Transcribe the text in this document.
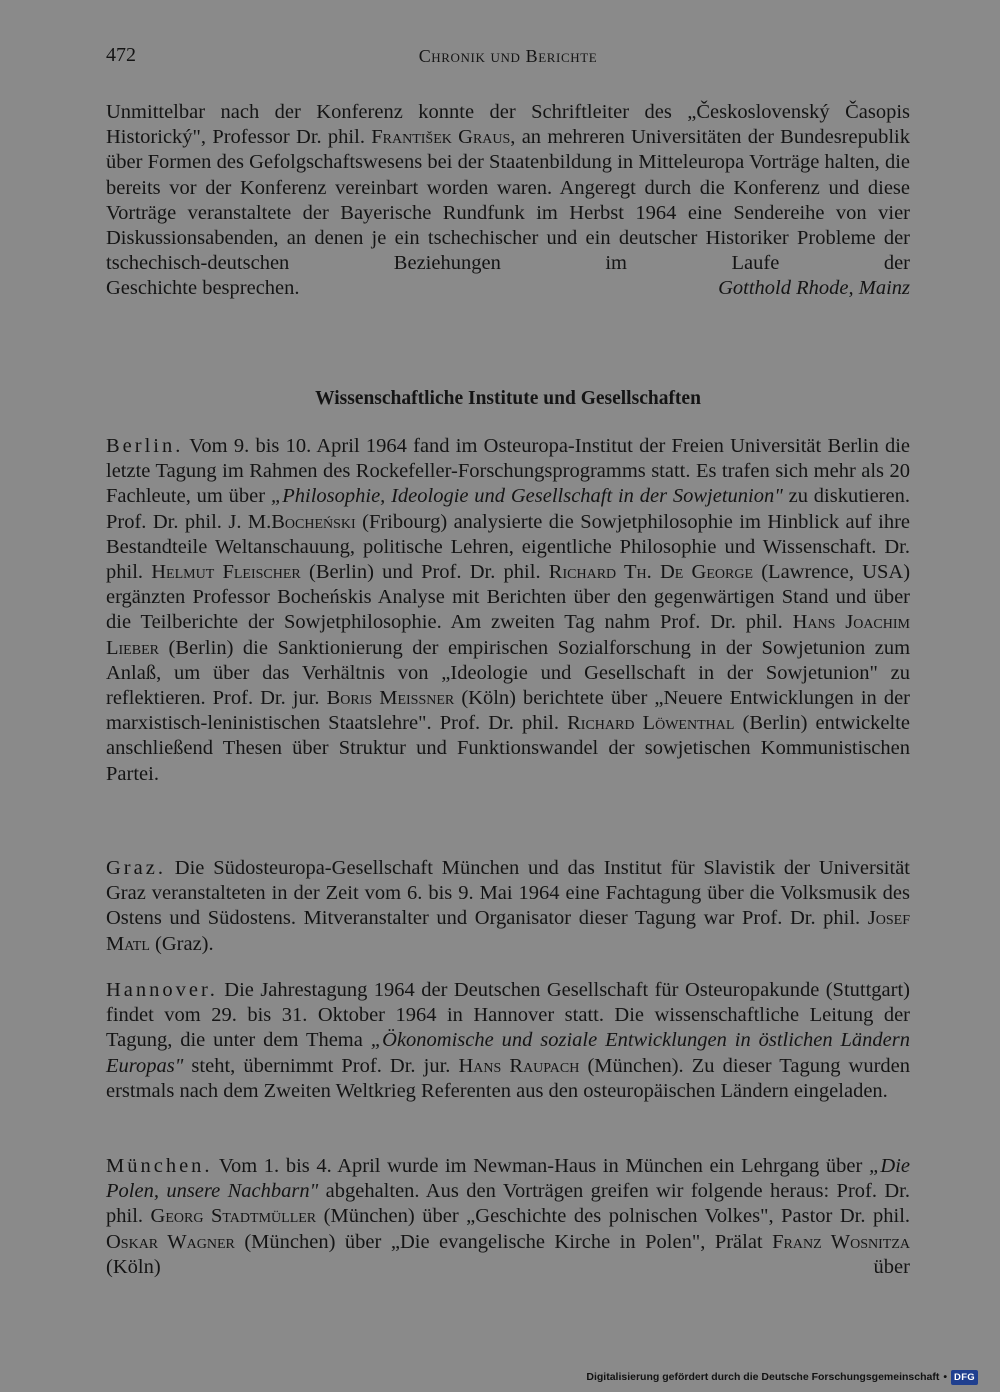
472	Chronik und Berichte
Unmittelbar nach der Konferenz konnte der Schriftleiter des „Československý Časopis Historický", Professor Dr. phil. František Graus, an mehreren Universitäten der Bundesrepublik über Formen des Gefolgschaftswesens bei der Staatenbildung in Mitteleuropa Vorträge halten, die bereits vor der Konferenz vereinbart worden waren. Angeregt durch die Konferenz und diese Vorträge veranstaltete der Bayerische Rundfunk im Herbst 1964 eine Sendereihe von vier Diskussionsabenden, an denen je ein tschechischer und ein deutscher Historiker Probleme der tschechisch-deutschen Beziehungen im Laufe der
Geschichte besprechen.	Gotthold Rhode, Mainz
Wissenschaftliche Institute und Gesellschaften
Berlin. Vom 9. bis 10. April 1964 fand im Osteuropa-Institut der Freien Universität Berlin die letzte Tagung im Rahmen des Rockefeller-Forschungsprogramms statt. Es trafen sich mehr als 20 Fachleute, um über „Philosophie, Ideologie und Gesellschaft in der Sowjetunion" zu diskutieren. Prof. Dr. phil. J. M.Bocheński (Fribourg) analysierte die Sowjetphilosophie im Hinblick auf ihre Bestandteile Weltanschauung, politische Lehren, eigentliche Philosophie und Wissenschaft. Dr. phil. Helmut Fleischer (Berlin) und Prof. Dr. phil. Richard Th. De George (Lawrence, USA) ergänzten Professor Bocheńskis Analyse mit Berichten über den gegenwärtigen Stand und über die Teilberichte der Sowjetphilosophie. Am zweiten Tag nahm Prof. Dr. phil. Hans Joachim Lieber (Berlin) die Sanktionierung der empirischen Sozialforschung in der Sowjetunion zum Anlaß, um über das Verhältnis von „Ideologie und Gesellschaft in der Sowjetunion" zu reflektieren. Prof. Dr. jur. Boris Meissner (Köln) berichtete über „Neuere Entwicklungen in der marxistisch-leninistischen Staatslehre". Prof. Dr. phil. Richard Löwenthal (Berlin) entwickelte anschließend Thesen über Struktur und Funktionswandel der sowjetischen Kommunistischen Partei.
Graz. Die Südosteuropa-Gesellschaft München und das Institut für Slavistik der Universität Graz veranstalteten in der Zeit vom 6. bis 9. Mai 1964 eine Fachtagung über die Volksmusik des Ostens und Südostens. Mitveranstalter und Organisator dieser Tagung war Prof. Dr. phil. Josef Matl (Graz).
Hannover. Die Jahrestagung 1964 der Deutschen Gesellschaft für Osteuropakunde (Stuttgart) findet vom 29. bis 31. Oktober 1964 in Hannover statt. Die wissenschaftliche Leitung der Tagung, die unter dem Thema „Ökonomische und soziale Entwicklungen in östlichen Ländern Europas" steht, übernimmt Prof. Dr. jur. Hans Raupach (München). Zu dieser Tagung wurden erstmals nach dem Zweiten Weltkrieg Referenten aus den osteuropäischen Ländern eingeladen.
München. Vom 1. bis 4. April wurde im Newman-Haus in München ein Lehrgang über „Die Polen, unsere Nachbarn" abgehalten. Aus den Vorträgen greifen wir folgende heraus: Prof. Dr. phil. Georg Stadtmüller (München) über „Geschichte des polnischen Volkes", Pastor Dr. phil. Oskar Wagner (München) über „Die evangelische Kirche in Polen", Prälat Franz Wosnitza (Köln) über
Digitalisierung gefördert durch die Deutsche Forschungsgemeinschaft • DFG
